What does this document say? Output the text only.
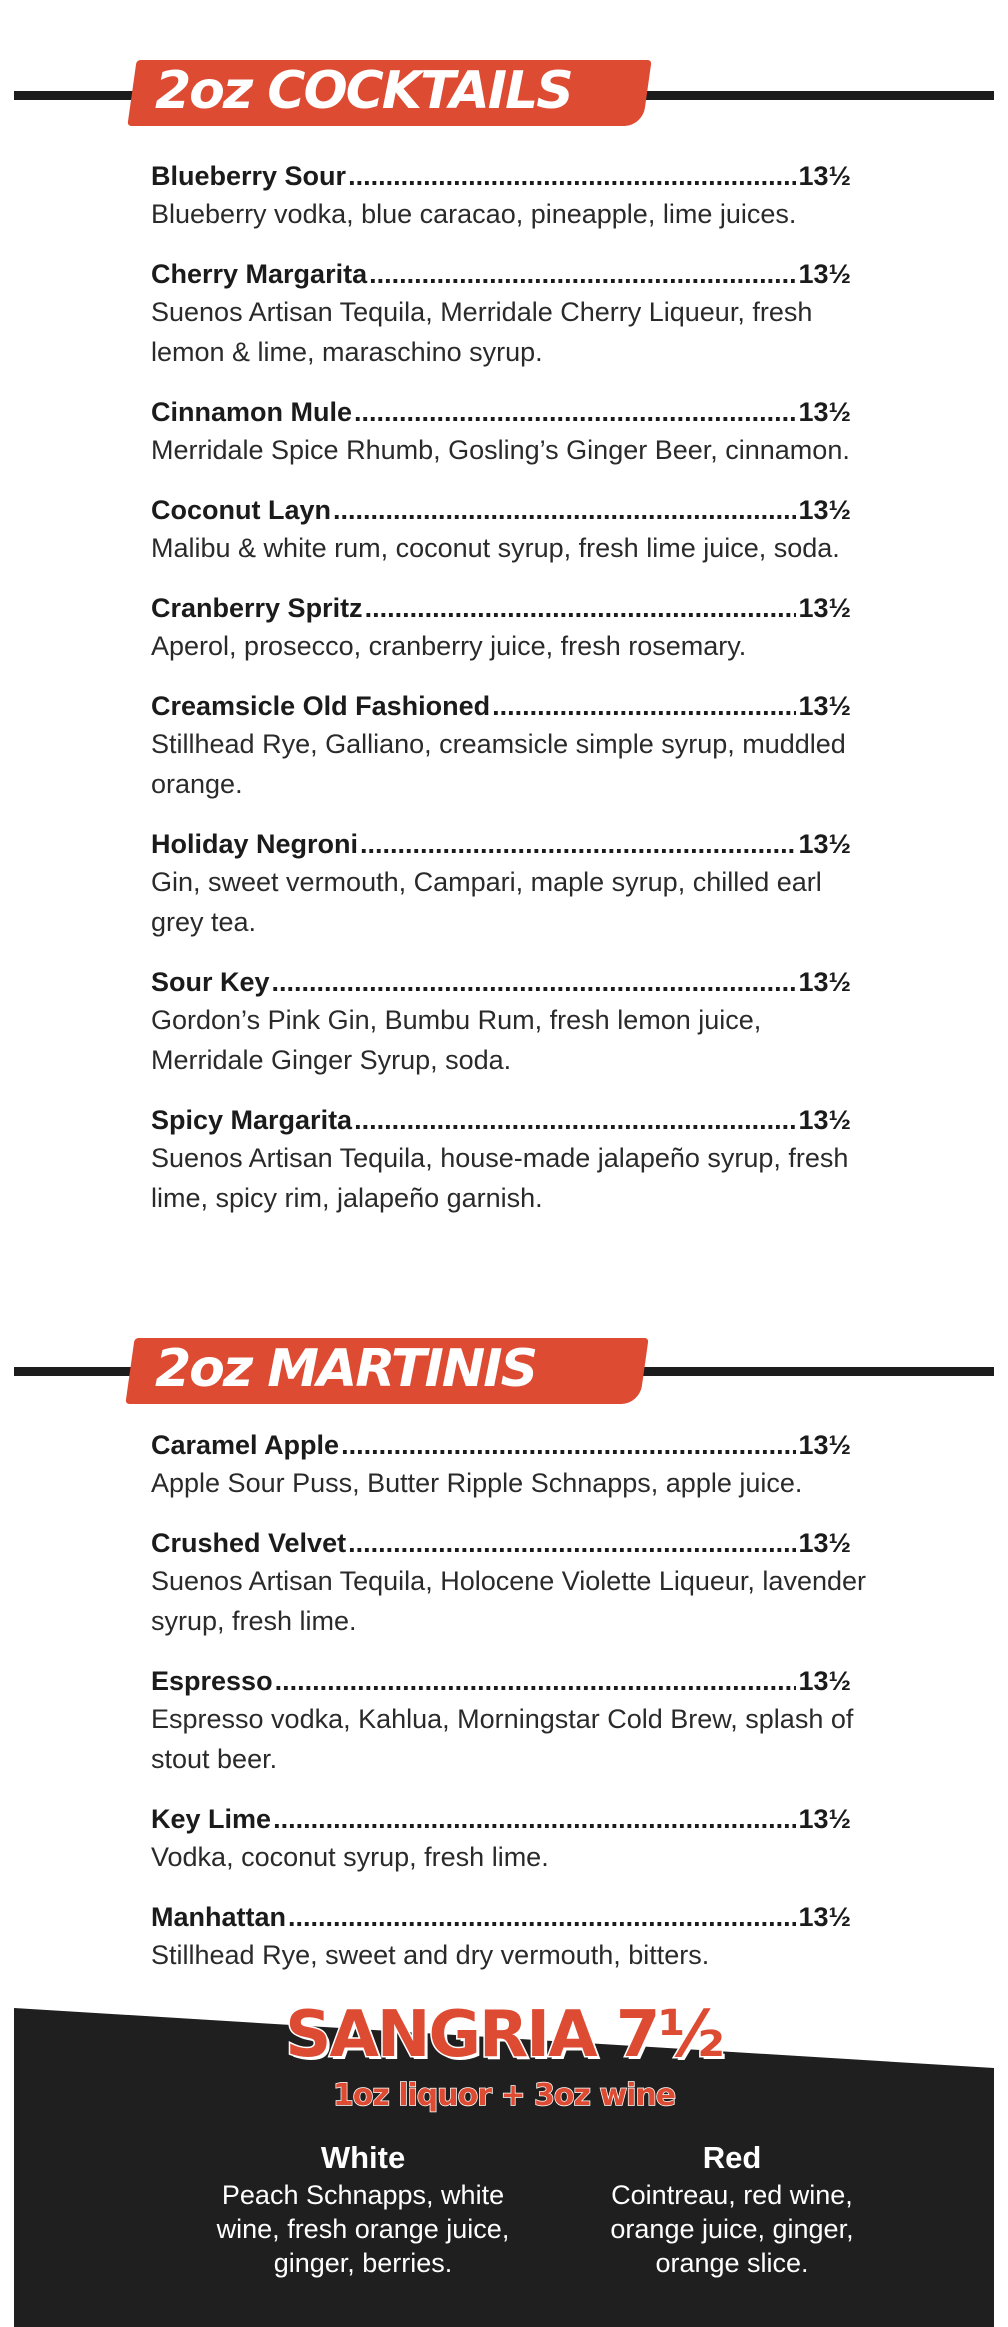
2oz COCKTAILS
Blueberry Sour .....	13½
Blueberry vodka, blue caracao, pineapple, lime juices.
Cherry Margarita .....	13½
Suenos Artisan Tequila, Merridale Cherry Liqueur, fresh lemon & lime, maraschino syrup.
Cinnamon Mule .....	13½
Merridale Spice Rhumb, Gosling’s Ginger Beer, cinnamon.
Coconut Layn .....	13½
Malibu & white rum, coconut syrup, fresh lime juice, soda.
Cranberry Spritz .....	13½
Aperol, prosecco, cranberry juice, fresh rosemary.
Creamsicle Old Fashioned .....	13½
Stillhead Rye, Galliano, creamsicle simple syrup, muddled orange.
Holiday Negroni .....	13½
Gin, sweet vermouth, Campari, maple syrup, chilled earl grey tea.
Sour Key .....	13½
Gordon’s Pink Gin, Bumbu Rum, fresh lemon juice, Merridale Ginger Syrup, soda.
Spicy Margarita .....	13½
Suenos Artisan Tequila, house-made jalapeño syrup, fresh lime, spicy rim, jalapeño garnish.
2oz MARTINIS
Caramel Apple .....	13½
Apple Sour Puss, Butter Ripple Schnapps, apple juice.
Crushed Velvet .....	13½
Suenos Artisan Tequila, Holocene Violette Liqueur, lavender syrup, fresh lime.
Espresso .....	13½
Espresso vodka, Kahlua, Morningstar Cold Brew, splash of stout beer.
Key Lime .....	13½
Vodka, coconut syrup, fresh lime.
Manhattan .....	13½
Stillhead Rye, sweet and dry vermouth, bitters.
SANGRIA 7½
1oz liquor + 3oz wine
White
Peach Schnapps, white wine, fresh orange juice, ginger, berries.
Red
Cointreau, red wine, orange juice, ginger, orange slice.
